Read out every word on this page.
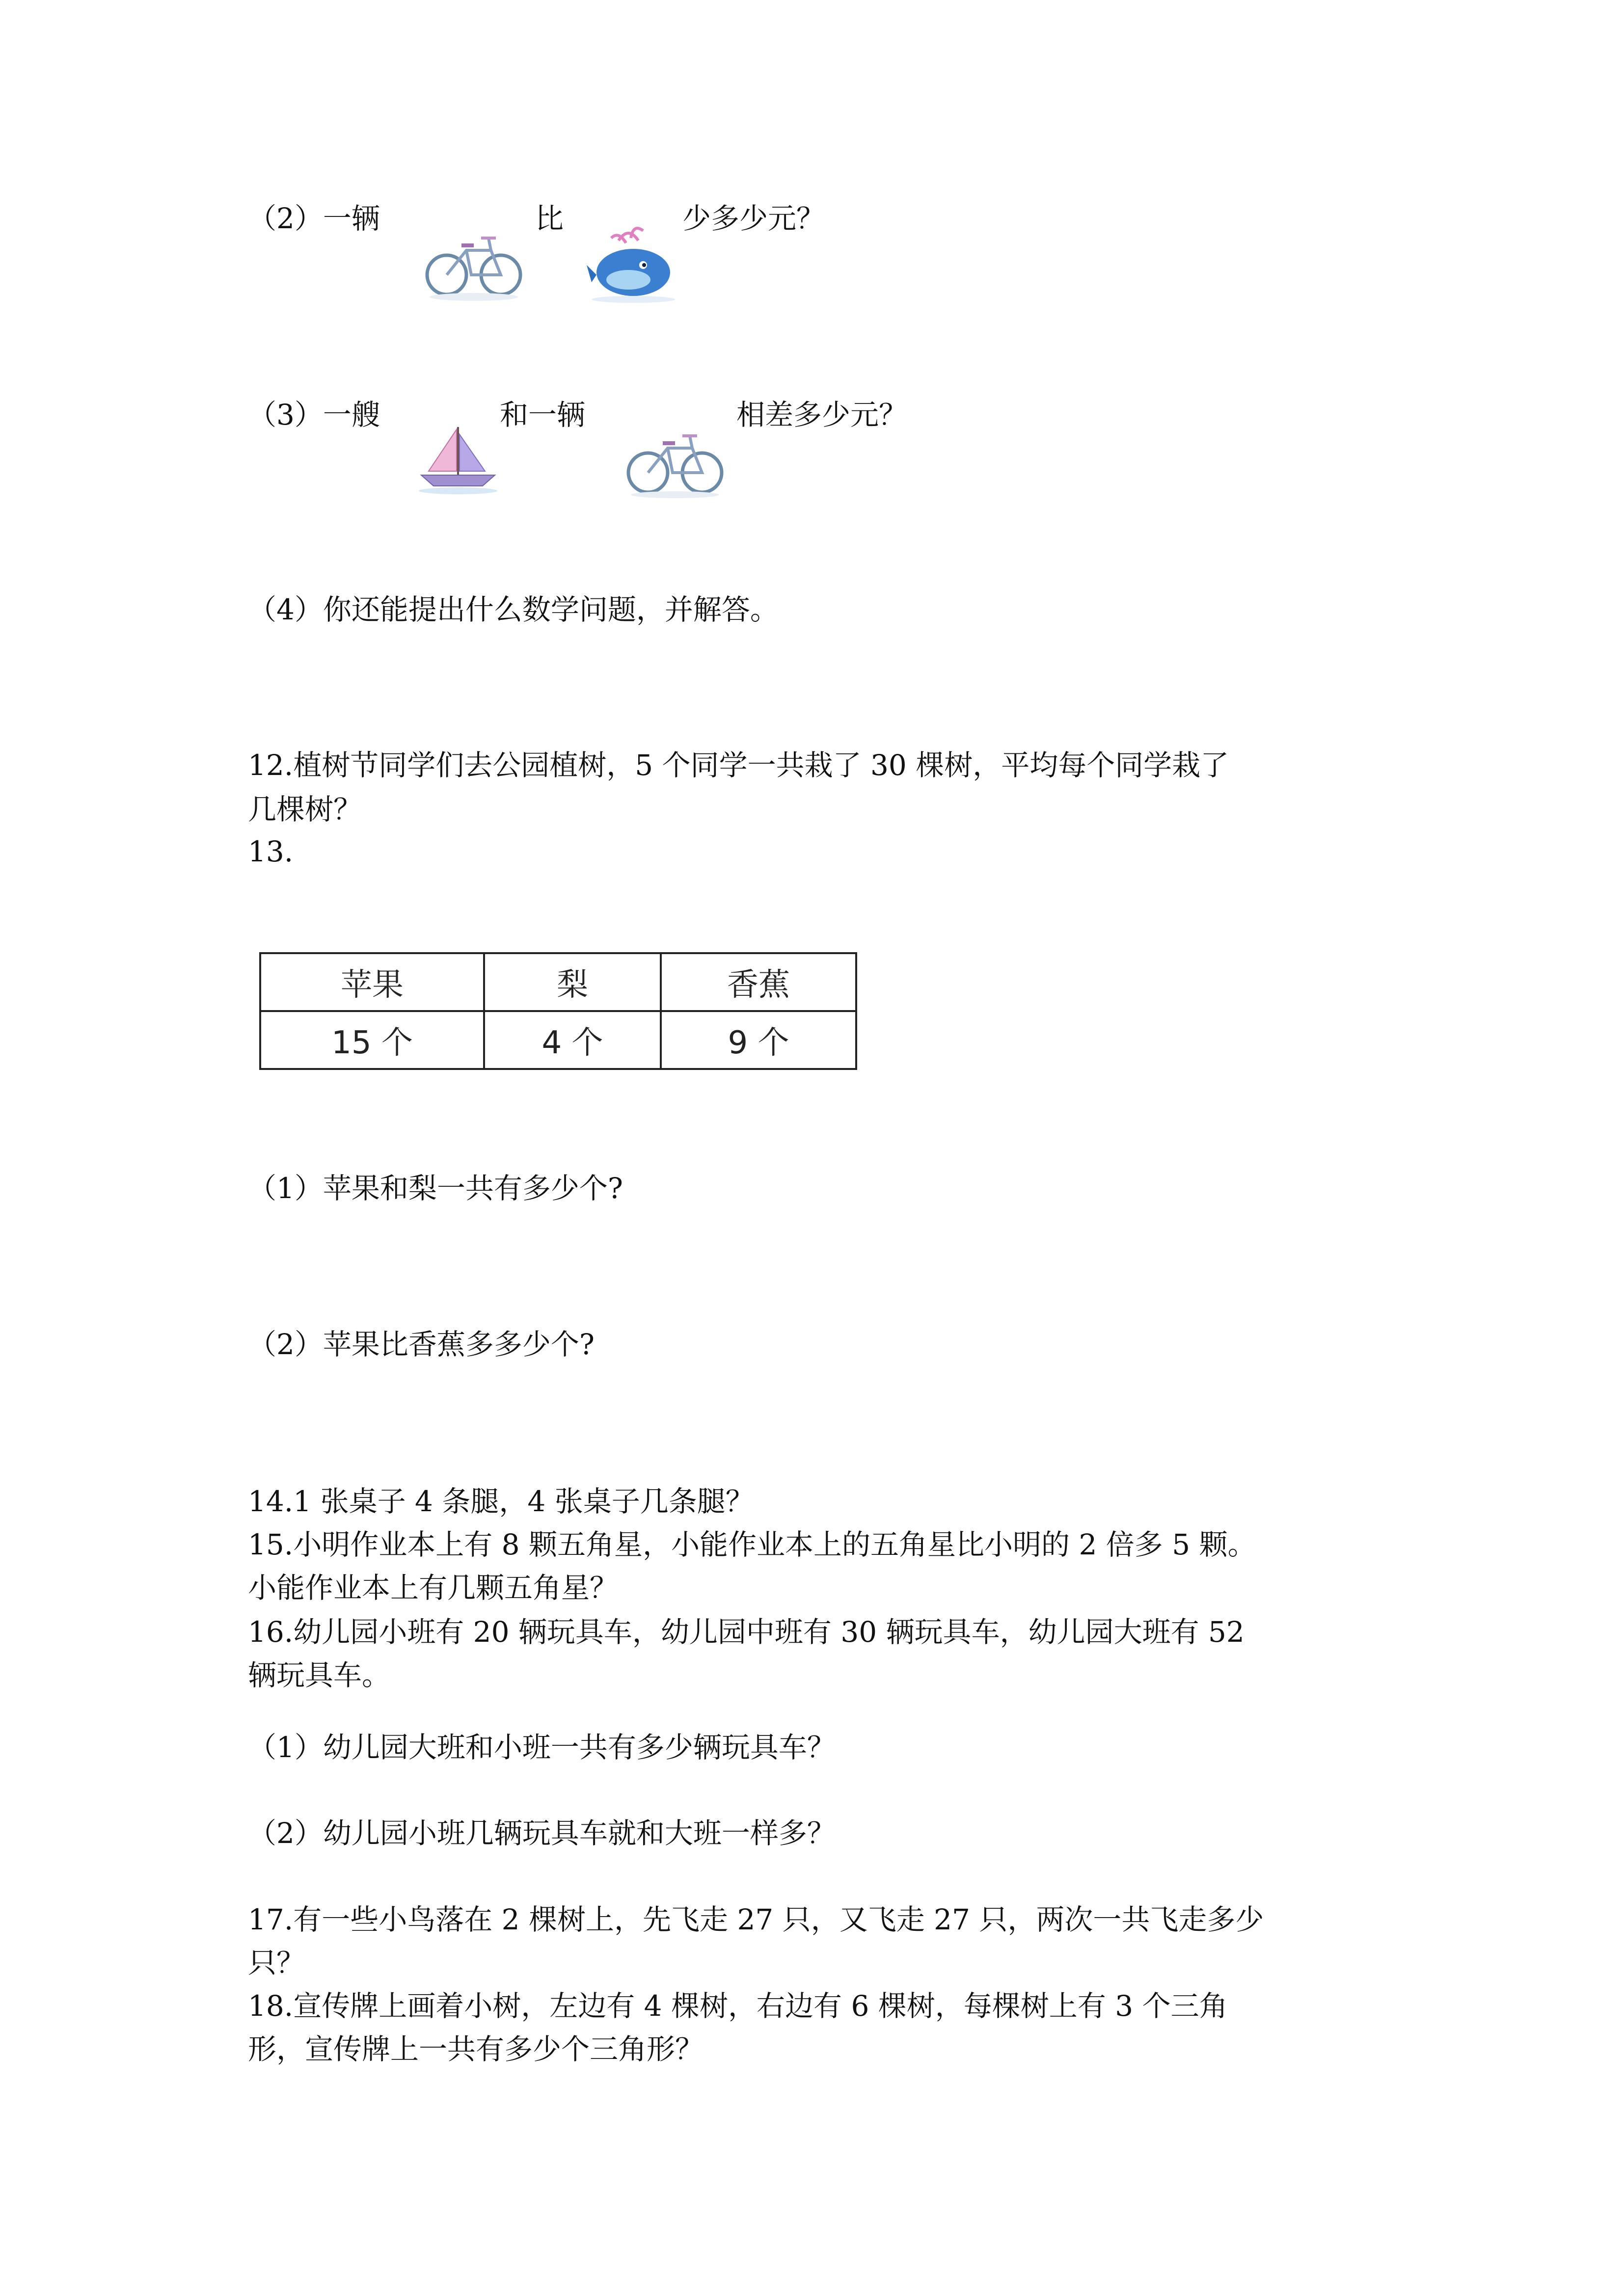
（2）一辆	比	少多少元？

（3）一艘	和一辆	相差多少元？

（4）你还能提出什么数学问题，并解答。

12.植树节同学们去公园植树，5 个同学一共栽了 30 棵树，平均每个同学栽了

几棵树？

13.

苹果	梨	香蕉
15 个	4 个	9 个

（1）苹果和梨一共有多少个?

（2）苹果比香蕉多多少个?

14.1 张桌子 4 条腿，4 张桌子几条腿？

15.小明作业本上有 8 颗五角星，小能作业本上的五角星比小明的 2 倍多 5 颗。

小能作业本上有几颗五角星？

16.幼儿园小班有 20 辆玩具车，幼儿园中班有 30 辆玩具车，幼儿园大班有 52

辆玩具车。

（1）幼儿园大班和小班一共有多少辆玩具车？

（2）幼儿园小班几辆玩具车就和大班一样多？

17.有一些小鸟落在 2 棵树上，先飞走 27 只，又飞走 27 只，两次一共飞走多少

只？

18.宣传牌上画着小树，左边有 4 棵树，右边有 6 棵树，每棵树上有 3 个三角

形，宣传牌上一共有多少个三角形？
